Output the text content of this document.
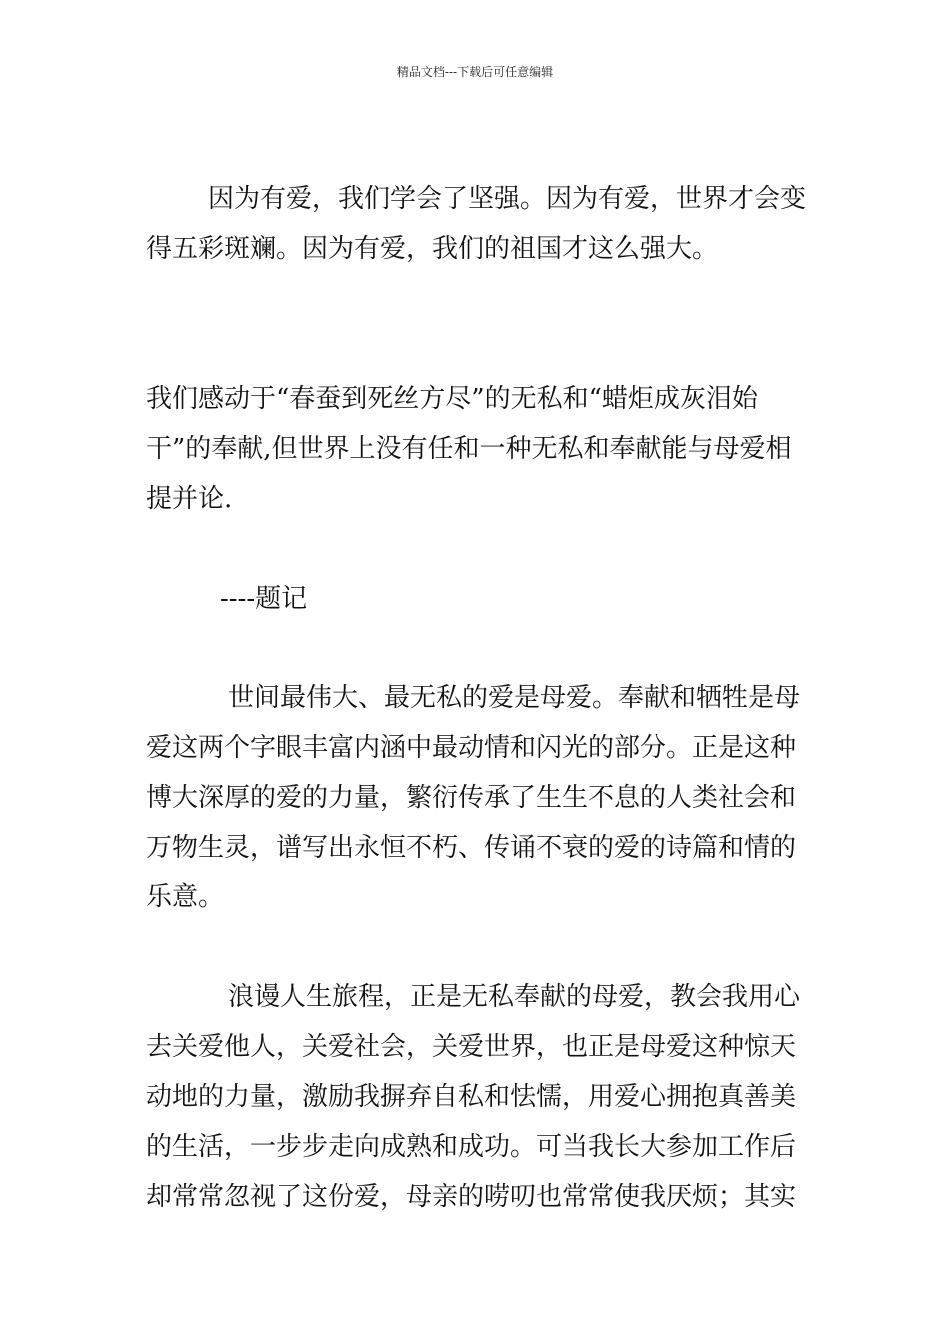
精品文档---下载后可任意编辑
因为有爱，我们学会了坚强。因为有爱，世界才会变
得五彩斑斓。因为有爱，我们的祖国才这么强大。
我们感动于“春蚕到死丝方尽”的无私和“蜡炬成灰泪始
干”的奉献,但世界上没有任和一种无私和奉献能与母爱相
提并论.
----题记
世间最伟大、最无私的爱是母爱。奉献和牺牲是母
爱这两个字眼丰富内涵中最动情和闪光的部分。正是这种
博大深厚的爱的力量，繁衍传承了生生不息的人类社会和
万物生灵，谱写出永恒不朽、传诵不衰的爱的诗篇和情的
乐意。
浪谩人生旅程，正是无私奉献的母爱，教会我用心
去关爱他人，关爱社会，关爱世界，也正是母爱这种惊天
动地的力量，激励我摒弃自私和怯懦，用爱心拥抱真善美
的生活，一步步走向成熟和成功。可当我长大参加工作后
却常常忽视了这份爱，母亲的唠叨也常常使我厌烦；其实
